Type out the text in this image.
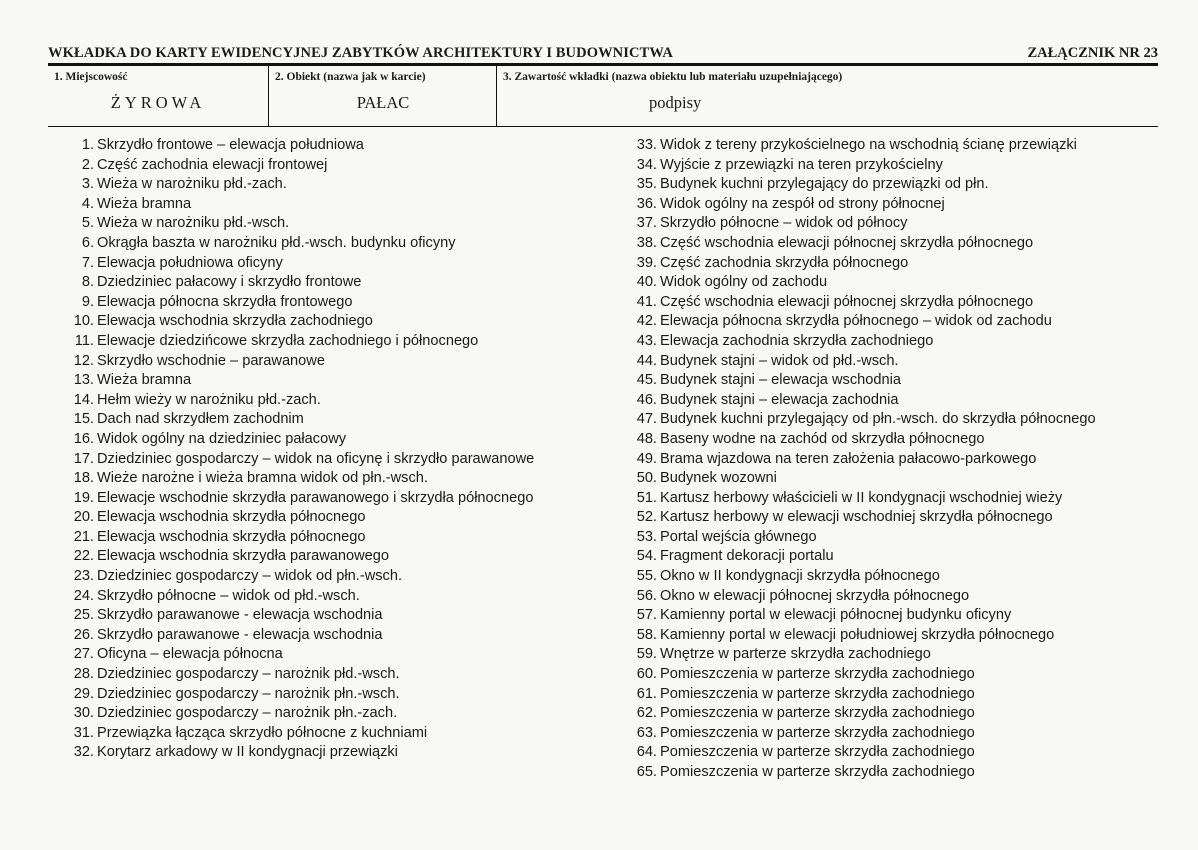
WKŁADKA DO KARTY EWIDENCYJNEJ ZABYTKÓW ARCHITEKTURY I BUDOWNICTWA	ZAŁĄCZNIK NR 23
1. Miejscowość
ŻYROWA
2. Obiekt (nazwa jak w karcie)
PAŁAC
3. Zawartość wkładki (nazwa obiektu lub materiału uzupełniającego)
podpisy
1. Skrzydło frontowe – elewacja południowa
2. Część zachodnia elewacji frontowej
3. Wieża w narożniku płd.-zach.
4. Wieża bramna
5. Wieża w narożniku płd.-wsch.
6. Okrągła baszta w narożniku płd.-wsch. budynku oficyny
7. Elewacja południowa oficyny
8. Dziedziniec pałacowy i skrzydło frontowe
9. Elewacja północna skrzydła frontowego
10. Elewacja wschodnia skrzydła zachodniego
11. Elewacje dziedzińcowe skrzydła zachodniego i północnego
12. Skrzydło wschodnie – parawanowe
13. Wieża bramna
14. Hełm wieży w narożniku płd.-zach.
15. Dach nad skrzydłem zachodnim
16. Widok ogólny na dziedziniec pałacowy
17. Dziedziniec gospodarczy – widok na oficynę i skrzydło parawanowe
18. Wieże narożne i wieża bramna widok od płn.-wsch.
19. Elewacje wschodnie skrzydła parawanowego i skrzydła północnego
20. Elewacja wschodnia skrzydła północnego
21. Elewacja wschodnia skrzydła północnego
22. Elewacja wschodnia skrzydła parawanowego
23. Dziedziniec gospodarczy – widok od płn.-wsch.
24. Skrzydło północne – widok od płd.-wsch.
25. Skrzydło parawanowe - elewacja wschodnia
26. Skrzydło parawanowe - elewacja wschodnia
27. Oficyna – elewacja północna
28. Dziedziniec gospodarczy – narożnik płd.-wsch.
29. Dziedziniec gospodarczy – narożnik płn.-wsch.
30. Dziedziniec gospodarczy – narożnik płn.-zach.
31. Przewiązka łącząca skrzydło północne z kuchniami
32. Korytarz arkadowy w II kondygnacji przewiązki
33. Widok z tereny przykościelnego na wschodnią ścianę przewiązki
34. Wyjście z przewiązki na teren przykościelny
35. Budynek kuchni przylegający do przewiązki od płn.
36. Widok ogólny na zespół od strony północnej
37. Skrzydło północne – widok od północy
38. Część wschodnia elewacji północnej skrzydła północnego
39. Część zachodnia skrzydła północnego
40. Widok ogólny od zachodu
41. Część wschodnia elewacji północnej skrzydła północnego
42. Elewacja północna skrzydła północnego – widok od zachodu
43. Elewacja zachodnia skrzydła zachodniego
44. Budynek stajni – widok od płd.-wsch.
45. Budynek stajni – elewacja wschodnia
46. Budynek stajni – elewacja zachodnia
47. Budynek kuchni przylegający od płn.-wsch. do skrzydła północnego
48. Baseny wodne na zachód od skrzydła północnego
49. Brama wjazdowa na teren założenia pałacowo-parkowego
50. Budynek wozowni
51. Kartusz herbowy właścicieli w II kondygnacji wschodniej wieży
52. Kartusz herbowy w elewacji wschodniej skrzydła północnego
53. Portal wejścia głównego
54. Fragment dekoracji portalu
55. Okno w II kondygnacji skrzydła północnego
56. Okno w elewacji północnej skrzydła północnego
57. Kamienny portal w elewacji północnej budynku oficyny
58. Kamienny portal w elewacji południowej skrzydła północnego
59. Wnętrze w parterze skrzydła zachodniego
60. Pomieszczenia w parterze skrzydła zachodniego
61. Pomieszczenia w parterze skrzydła zachodniego
62. Pomieszczenia w parterze skrzydła zachodniego
63. Pomieszczenia w parterze skrzydła zachodniego
64. Pomieszczenia w parterze skrzydła zachodniego
65. Pomieszczenia w parterze skrzydła zachodniego
